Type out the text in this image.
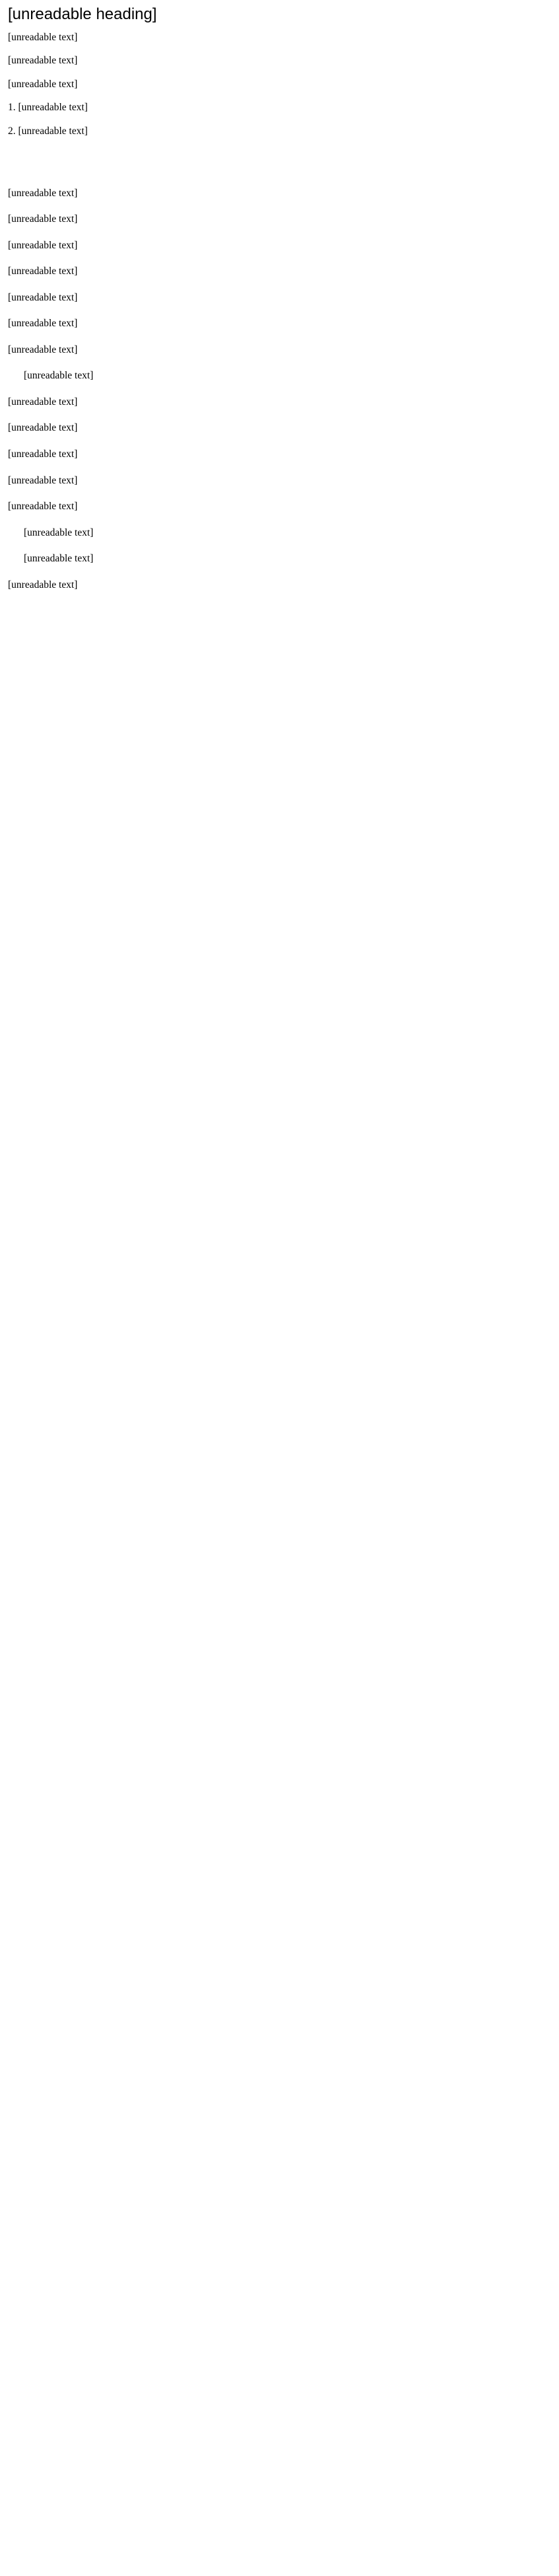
[unreadable heading]

[unreadable text]

[unreadable text]

[unreadable text]

1. [unreadable text]

2. [unreadable text]

[unreadable text]

[unreadable text]

[unreadable text]

[unreadable text]

[unreadable text]

[unreadable text]

[unreadable text]

[unreadable text]

[unreadable text]

[unreadable text]

[unreadable text]

[unreadable text]

[unreadable text]

[unreadable text]

[unreadable text]

[unreadable text]
